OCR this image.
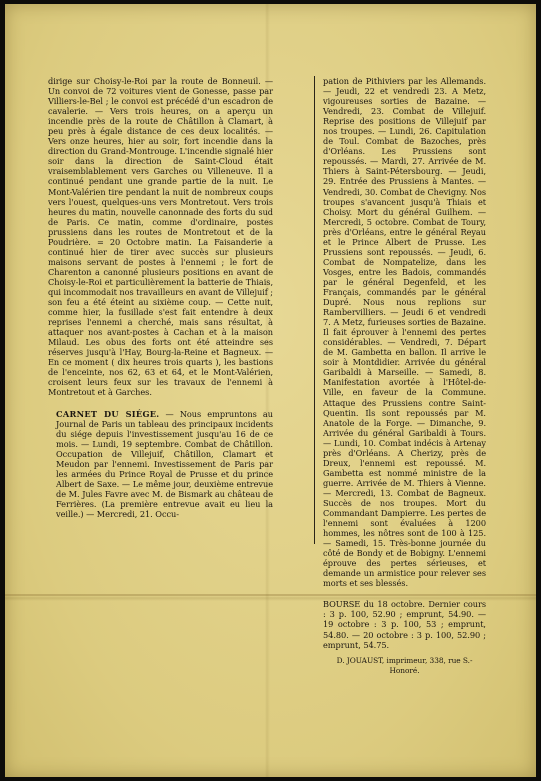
dirige sur Choisy-le-Roi par la route de Bonneuil. — Un convoi de 72 voitures vient de Gonesse, passe par Villiers-le-Bel ; le convoi est précédé d'un escadron de cavalerie. — Vers trois heures, on a aperçu un incendie près de la route de Châtillon à Clamart, à peu près à égale distance de ces deux localités. — Vers onze heures, hier au soir, fort incendie dans la direction du Grand-Montrouge. L'incendie signalé hier soir dans la direction de Saint-Cloud était vraisemblablement vers Garches ou Villeneuve. Il a continué pendant une grande partie de la nuit. Le Mont-Valérien tire pendant la nuit de nombreux coups vers l'ouest, quelques-uns vers Montretout. Vers trois heures du matin, nouvelle canonnade des forts du sud de Paris. Ce matin, comme d'ordinaire, postes prussiens dans les routes de Montretout et de la Poudrière. = 20 Octobre matin. La Faisanderie a continué hier de tirer avec succès sur plusieurs maisons servant de postes à l'ennemi ; le fort de Charenton a canonné plusieurs positions en avant de Choisy-le-Roi et particulièrement la batterie de Thiais, qui incommodait nos travailleurs en avant de Villejuif ; son feu a été éteint au sixième coup. — Cette nuit, comme hier, la fusillade s'est fait entendre à deux reprises l'ennemi a cherché, mais sans résultat, à attaquer nos avant-postes à Cachan et à la maison Milaud. Les obus des forts ont été atteindre ses réserves jusqu'à l'Hay, Bourg-la-Reine et Bagneux. — En ce moment ( dix heures trois quarts ), les bastions de l'enceinte, nos 62, 63 et 64, et le Mont-Valérien, croisent leurs feux sur les travaux de l'ennemi à Montretout et à Garches.

CARNET DU SIÉGE. — Nous empruntons au Journal de Paris un tableau des principaux incidents du siége depuis l'investissement jusqu'au 16 de ce mois. — Lundi, 19 septembre. Combat de Châtillon. Occupation de Villejuif, Châtillon, Clamart et Meudon par l'ennemi. Investissement de Paris par les armées du Prince Royal de Prusse et du prince Albert de Saxe. — Le même jour, deuxième entrevue de M. Jules Favre avec M. de Bismark au château de Ferrières. (La première entrevue avait eu lieu la veille.) — Mercredi, 21. Occu-

pation de Pithiviers par les Allemands. — Jeudi, 22 et vendredi 23. A Metz, vigoureuses sorties de Bazaine. — Vendredi, 23. Combat de Villejuif. Reprise des positions de Villejuif par nos troupes. — Lundi, 26. Capitulation de Toul. Combat de Bazoches, près d'Orléans. Les Prussiens sont repoussés. — Mardi, 27. Arrivée de M. Thiers à Saint-Pétersbourg. — Jeudi, 29. Entrée des Prussiens à Mantes. — Vendredi, 30. Combat de Chevigny. Nos troupes s'avancent jusqu'à Thiais et Choisy. Mort du général Guilhem. — Mercredi, 5 octobre. Combat de Toury, près d'Orléans, entre le général Reyau et le Prince Albert de Prusse. Les Prussiens sont repoussés. — Jeudi, 6. Combat de Nompatelize, dans les Vosges, entre les Badois, commandés par le général Degenfeld, et les Français, commandés par le général Dupré. Nous nous replions sur Rambervilliers. — Jeudi 6 et vendredi 7. A Metz, furieuses sorties de Bazaine. Il fait éprouver à l'ennemi des pertes considérables. — Vendredi, 7. Départ de M. Gambetta en ballon. Il arrive le soir à Montdidier. Arrivée du général Garibaldi à Marseille. — Samedi, 8. Manifestation avortée à l'Hôtel-de-Ville, en faveur de la Commune. Attaque des Prussiens contre Saint-Quentin. Ils sont repoussés par M. Anatole de la Forge. — Dimanche, 9. Arrivée du général Garibaldi à Tours. — Lundi, 10. Combat indécis à Artenay près d'Orléans. A Cherizy, près de Dreux, l'ennemi est repoussé. M. Gambetta est nommé ministre de la guerre. Arrivée de M. Thiers à Vienne. — Mercredi, 13. Combat de Bagneux. Succès de nos troupes. Mort du Commandant Dampierre. Les pertes de l'ennemi sont évaluées à 1200 hommes, les nôtres sont de 100 à 125. — Samedi, 15. Très-bonne journée du côté de Bondy et de Bobigny. L'ennemi éprouve des pertes sérieuses, et demande un armistice pour relever ses morts et ses blessés.

BOURSE du 18 octobre. Dernier cours : 3 p. 100, 52.90 ; emprunt, 54.90. — 19 octobre : 3 p. 100, 53 ; emprunt, 54.80. — 20 octobre : 3 p. 100, 52.90 ; emprunt, 54.75.

D. JOUAUST, imprimeur, 338, rue S.-Honoré.
